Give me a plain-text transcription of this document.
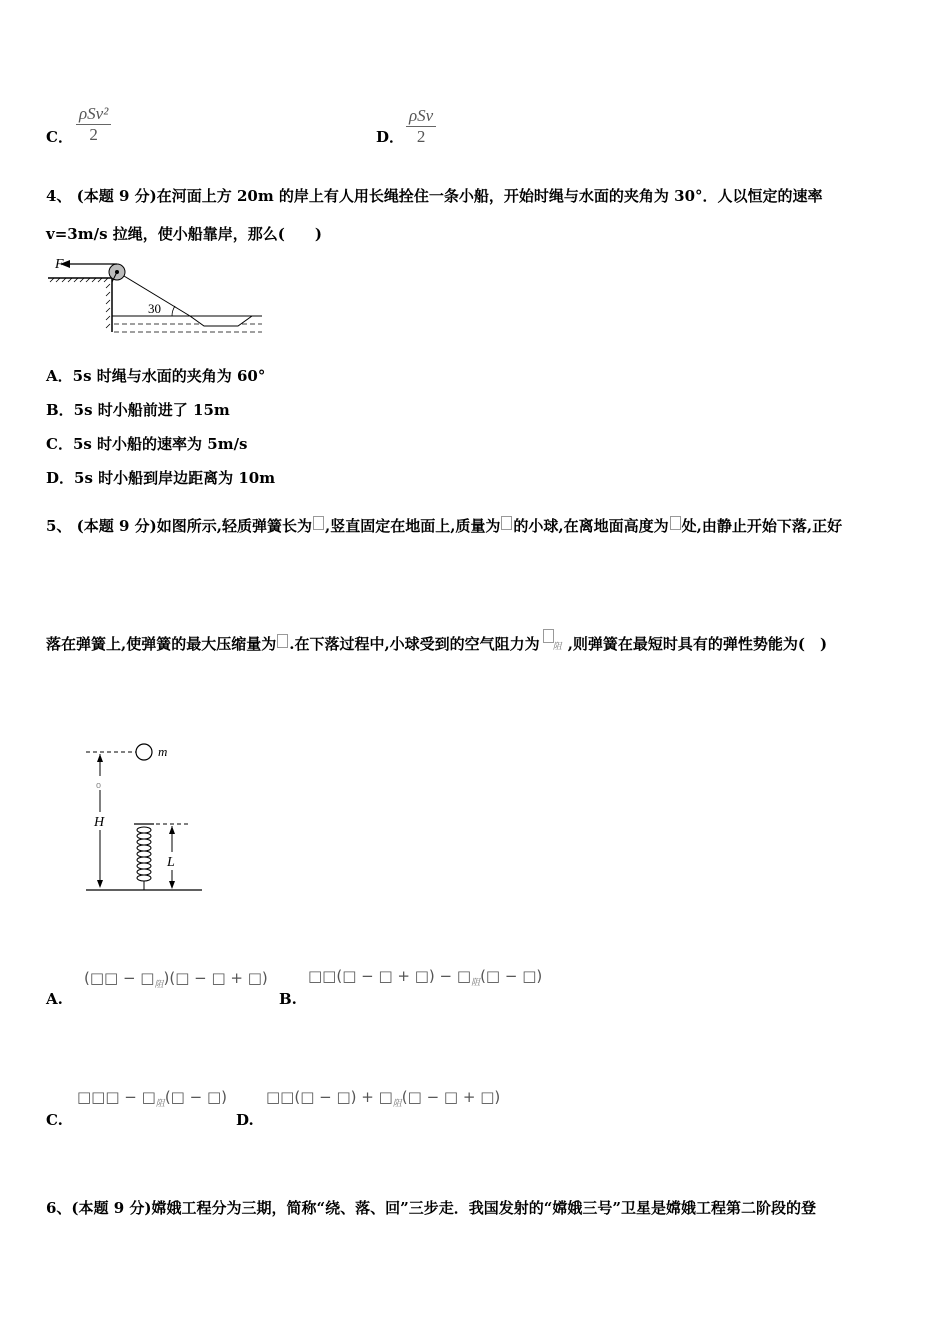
C．
ρSv²
2	D．
ρSv
2
4、 (本题 9 分)在河面上方 20m 的岸上有人用长绳拴住一条小船，开始时绳与水面的夹角为 30°．人以恒定的速率
v=3m/s 拉绳，使小船靠岸，那么(　　)
F
30
A．5s 时绳与水面的夹角为 60°
B．5s 时小船前进了 15m
C．5s 时小船的速率为 5m/s
D．5s 时小船到岸边距离为 10m
5、 (本题 9 分)如图所示,轻质弹簧长为 ,竖直固定在地面上,质量为 的小球,在离地面高度为 处,由静止开始下落,正好
落在弹簧上,使弹簧的最大压缩量为 .在下落过程中,小球受到的空气阻力为 阻 ,则弹簧在最短时具有的弹性势能为(　)
m
o
H
L
(□□ − $□_阻)(□$ − □ + □)
A.
□□(□ − □ + □) − $□_阻(□$ − □)
B.
□□□ − $□_阻(□$ − □)
C.
□□(□ − □) + $□_阻(□$ − □ + □)
D.
6、(本题 9 分)嫦娥工程分为三期，简称“绕、落、回”三步走．我国发射的“嫦娥三号”卫星是嫦娥工程第二阶段的登
